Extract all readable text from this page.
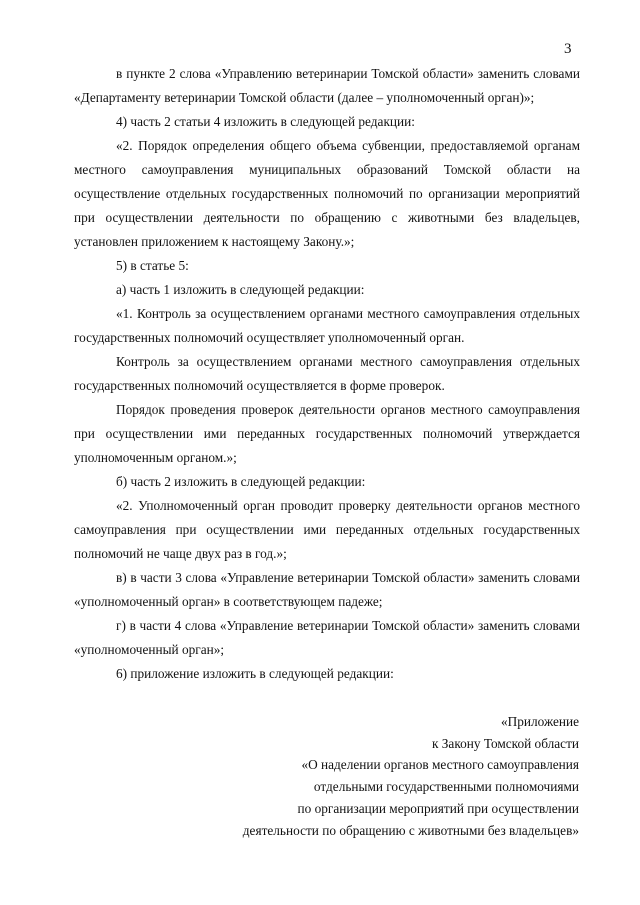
3

в пункте 2 слова «Управлению ветеринарии Томской области» заменить словами «Департаменту ветеринарии Томской области (далее – уполномоченный орган)»;

4) часть 2 статьи 4 изложить в следующей редакции:

«2. Порядок определения общего объема субвенции, предоставляемой органам местного самоуправления муниципальных образований Томской области на осуществление отдельных государственных полномочий по организации мероприятий при осуществлении деятельности по обращению с животными без владельцев, установлен приложением к настоящему Закону.»;

5) в статье 5:

а) часть 1 изложить в следующей редакции:

«1. Контроль за осуществлением органами местного самоуправления отдельных государственных полномочий осуществляет уполномоченный орган.

Контроль за осуществлением органами местного самоуправления отдельных государственных полномочий осуществляется в форме проверок.

Порядок проведения проверок деятельности органов местного самоуправления при осуществлении ими переданных государственных полномочий утверждается уполномоченным органом.»;

б) часть 2 изложить в следующей редакции:

«2. Уполномоченный орган проводит проверку деятельности органов местного самоуправления при осуществлении ими переданных отдельных государственных полномочий не чаще двух раз в год.»;

в) в части 3 слова «Управление ветеринарии Томской области» заменить словами «уполномоченный орган» в соответствующем падеже;

г) в части 4 слова «Управление ветеринарии Томской области» заменить словами «уполномоченный орган»;

6) приложение изложить в следующей редакции:

«Приложение

к Закону Томской области

«О наделении органов местного самоуправления

отдельными государственными полномочиями

по организации мероприятий при осуществлении

деятельности по обращению с животными без владельцев»
